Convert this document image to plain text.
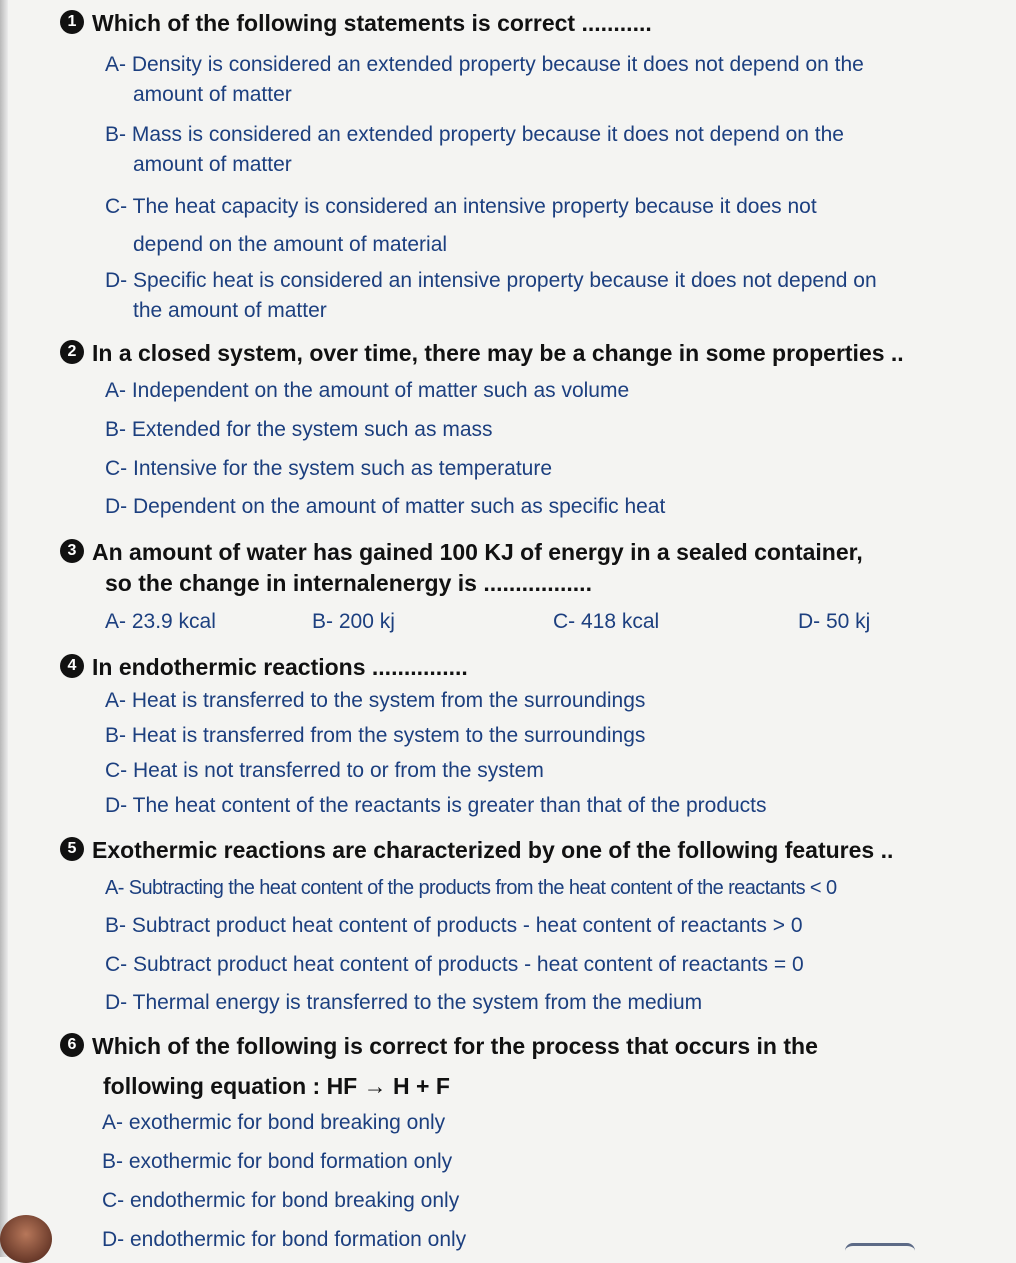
1 Which of the following statements is correct ...........
A- Density is considered an extended property because it does not depend on the
amount of matter
B- Mass is considered an extended property because it does not depend on the
amount of matter
C- The heat capacity is considered an intensive property because it does not
depend on the amount of material
D- Specific heat is considered an intensive property because it does not depend on
the amount of matter
2 In a closed system, over time, there may be a change in some properties ..
A- Independent on the amount of matter such as volume
B- Extended for the system such as mass
C- Intensive for the system such as temperature
D- Dependent on the amount of matter such as specific heat
3 An amount of water has gained 100 KJ of energy in a sealed container,
so the change in internalenergy is .................
A- 23.9 kcal	B- 200 kj	C- 418 kcal	D- 50 kj
4 In endothermic reactions ...............
A- Heat is transferred to the system from the surroundings
B- Heat is transferred from the system to the surroundings
C- Heat is not transferred to or from the system
D- The heat content of the reactants is greater than that of the products
5 Exothermic reactions are characterized by one of the following features ..
A- Subtracting the heat content of the products from the heat content of the reactants < 0
B- Subtract product heat content of products - heat content of reactants > 0
C- Subtract product heat content of products - heat content of reactants = 0
D- Thermal energy is transferred to the system from the medium
6 Which of the following is correct for the process that occurs in the
following equation : HF → H + F
A- exothermic for bond breaking only
B- exothermic for bond formation only
C- endothermic for bond breaking only
D- endothermic for bond formation only
